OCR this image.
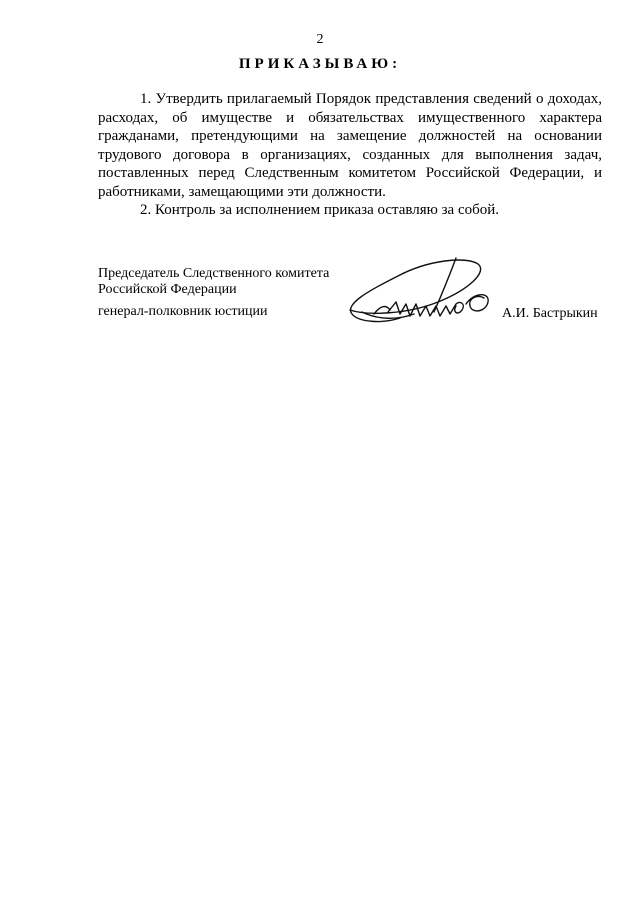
2
ПРИКАЗЫВАЮ:

1. Утвердить прилагаемый Порядок представления сведений о доходах, расходах, об имуществе и обязательствах имущественного характера гражданами, претендующими на замещение должностей на основании трудового договора в организациях, созданных для выполнения задач, поставленных перед Следственным комитетом Российской Федерации, и работниками, замещающими эти должности.

2. Контроль за исполнением приказа оставляю за собой.

Председатель Следственного комитета
Российской Федерации
генерал-полковник юстиции	А.И. Бастрыкин
